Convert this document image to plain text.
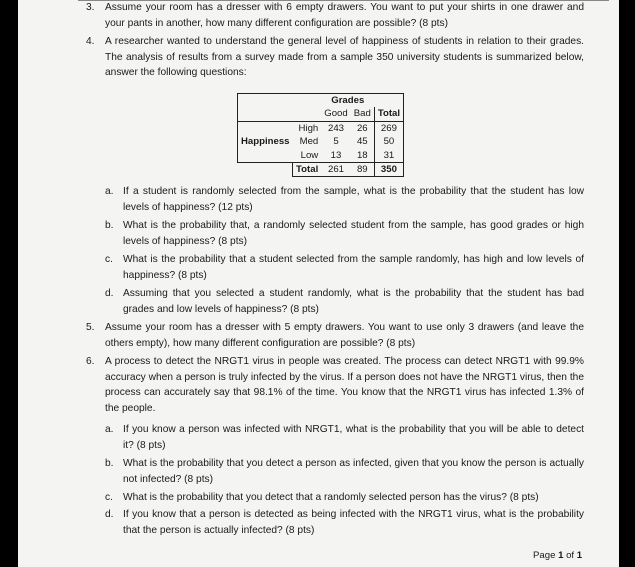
3. Assume your room has a dresser with 6 empty drawers. You want to put your shirts in one drawer and your pants in another, how many different configuration are possible? (8 pts)
4. A researcher wanted to understand the general level of happiness of students in relation to their grades. The analysis of results from a survey made from a sample 350 university students is summarized below, answer the following questions:
		Grades		
		Good	Bad	Total
	High	243	26	269
Happiness	Med	5	45	50
	Low	13	18	31
	Total	261	89	350
a. If a student is randomly selected from the sample, what is the probability that the student has low levels of happiness? (12 pts)
b. What is the probability that, a randomly selected student from the sample, has good grades or high levels of happiness? (8 pts)
c. What is the probability that a student selected from the sample randomly, has high and low levels of happiness? (8 pts)
d. Assuming that you selected a student randomly, what is the probability that the student has bad grades and low levels of happiness? (8 pts)
5. Assume your room has a dresser with 5 empty drawers. You want to use only 3 drawers (and leave the others empty), how many different configuration are possible? (8 pts)
6. A process to detect the NRGT1 virus in people was created. The process can detect NRGT1 with 99.9% accuracy when a person is truly infected by the virus. If a person does not have the NRGT1 virus, then the process can accurately say that 98.1% of the time. You know that the NRGT1 virus has infected 1.3% of the people.
a. If you know a person was infected with NRGT1, what is the probability that you will be able to detect it? (8 pts)
b. What is the probability that you detect a person as infected, given that you know the person is actually not infected? (8 pts)
c. What is the probability that you detect that a randomly selected person has the virus? (8 pts)
d. If you know that a person is detected as being infected with the NRGT1 virus, what is the probability that the person is actually infected? (8 pts)
Page 1 of 1
